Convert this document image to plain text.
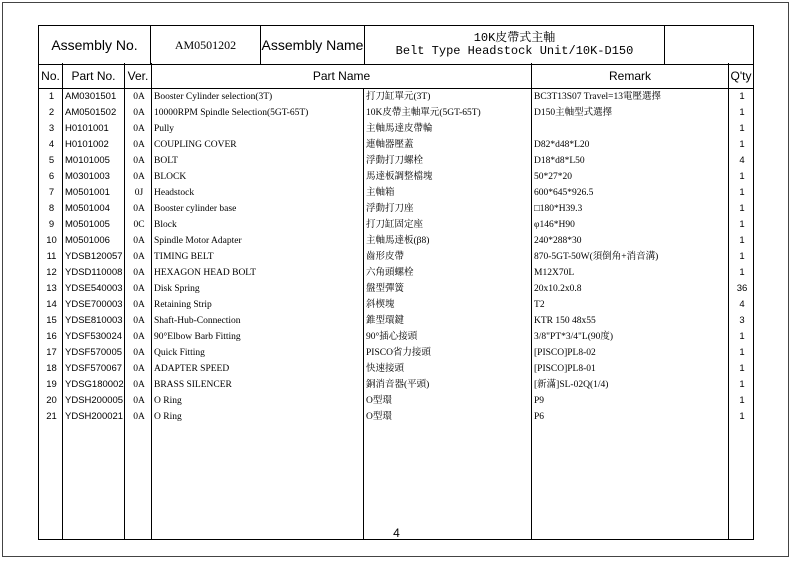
Assembly No.	AM0501202	Assembly Name	10K皮帶式主軸
Belt Type Headstock Unit/10K-D150

No.	Part No.	Ver.	Part Name		Remark	Q'ty
1	AM0301501	0A	Booster Cylinder selection(3T)	打刀缸單元(3T)	BC3T13S07 Travel=13電壓選擇	1
2	AM0501502	0A	10000RPM Spindle Selection(5GT-65T)	10K皮帶主軸單元(5GT-65T)	D150主軸型式選擇	1
3	H0101001	0A	Pully	主軸馬達皮帶輪		1
4	H0101002	0A	COUPLING COVER	連軸器壓蓋	D82*d48*L20	1
5	M0101005	0A	BOLT	浮動打刀螺栓	D18*d8*L50	4
6	M0301003	0A	BLOCK	馬達板調整檔塊	50*27*20	1
7	M0501001	0J	Headstock	主軸箱	600*645*926.5	1
8	M0501004	0A	Booster cylinder base	浮動打刀座	□180*H39.3	1
9	M0501005	0C	Block	打刀缸固定座	φ146*H90	1
10	M0501006	0A	Spindle Motor Adapter	主軸馬達板(β8)	240*288*30	1
11	YDSB120057	0A	TIMING BELT	齒形皮帶	870-5GT-50W(須倒角+消音溝)	1
12	YDSD110008	0A	HEXAGON HEAD BOLT	六角頭螺栓	M12X70L	1
13	YDSE540003	0A	Disk Spring	盤型彈簧	20x10.2x0.8	36
14	YDSE700003	0A	Retaining Strip	斜楔塊	T2	4
15	YDSE810003	0A	Shaft-Hub-Connection	錐型環鍵	KTR 150 48x55	3
16	YDSF530024	0A	90°Elbow Barb Fitting	90°插心接頭	3/8"PT*3/4"L(90度)	1
17	YDSF570005	0A	Quick Fitting	PISCO省力接頭	[PISCO]PL8-02	1
18	YDSF570067	0A	ADAPTER SPEED	快速接頭	[PISCO]PL8-01	1
19	YDSG180002	0A	BRASS SILENCER	銅消音器(平頭)	[新滿]SL-02Q(1/4)	1
20	YDSH200005	0A	O Ring	O型環	P9	1
21	YDSH200021	0A	O Ring	O型環	P6	1

4
